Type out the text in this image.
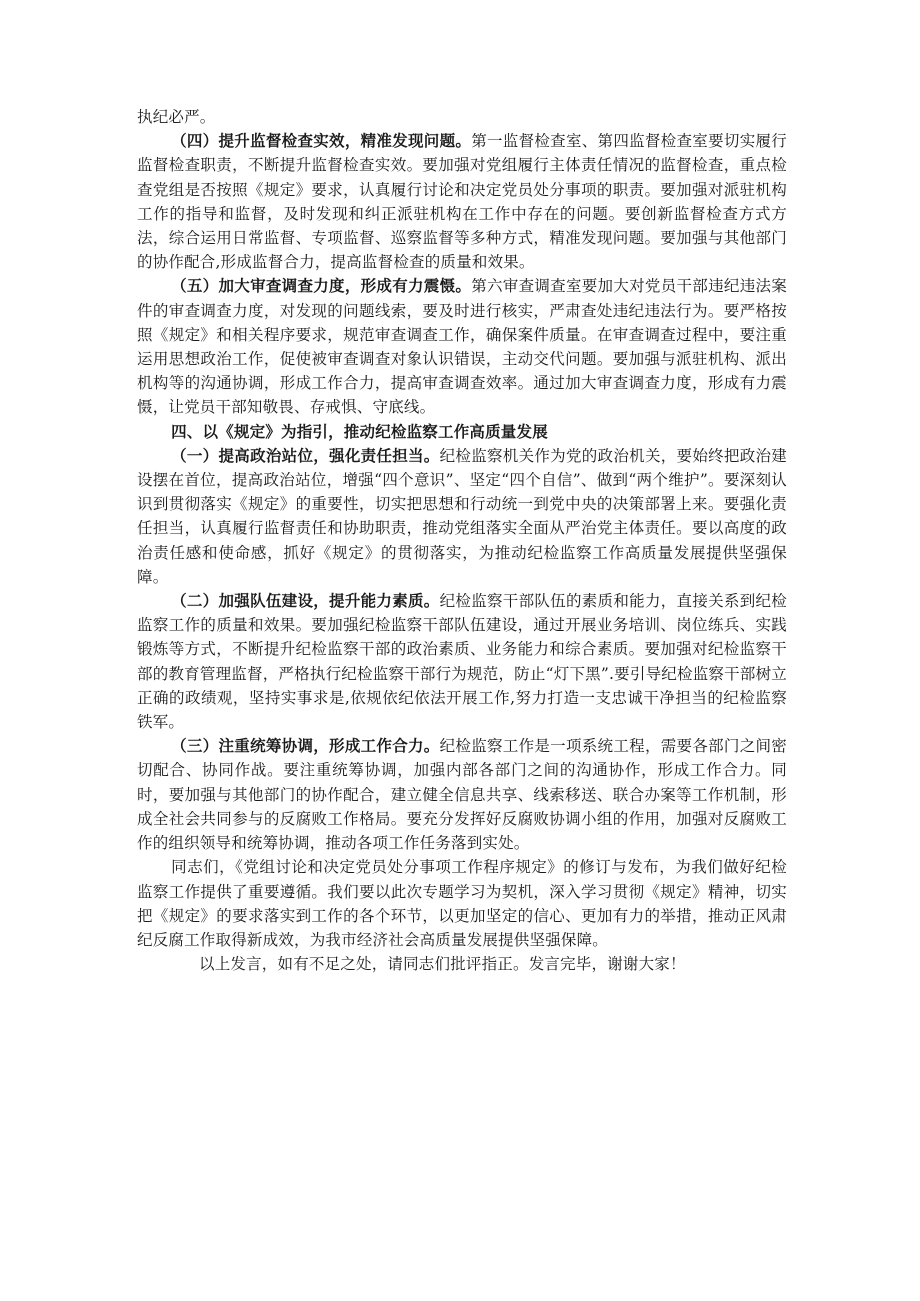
执纪必严。

（四）提升监督检查实效，精准发现问题。第一监督检查室、第四监督检查室要切实履行监督检查职责，不断提升监督检查实效。要加强对党组履行主体责任情况的监督检查，重点检查党组是否按照《规定》要求，认真履行讨论和决定党员处分事项的职责。要加强对派驻机构工作的指导和监督，及时发现和纠正派驻机构在工作中存在的问题。要创新监督检查方式方法，综合运用日常监督、专项监督、巡察监督等多种方式，精准发现问题。要加强与其他部门的协作配合,形成监督合力，提高监督检查的质量和效果。

（五）加大审查调查力度，形成有力震慑。第六审查调查室要加大对党员干部违纪违法案件的审查调查力度，对发现的问题线索，要及时进行核实，严肃查处违纪违法行为。要严格按照《规定》和相关程序要求，规范审查调查工作，确保案件质量。在审查调查过程中，要注重运用思想政治工作，促使被审查调查对象认识错误，主动交代问题。要加强与派驻机构、派出机构等的沟通协调，形成工作合力，提高审查调查效率。通过加大审查调查力度，形成有力震慑，让党员干部知敬畏、存戒惧、守底线。

四、以《规定》为指引，推动纪检监察工作高质量发展

（一）提高政治站位，强化责任担当。纪检监察机关作为党的政治机关，要始终把政治建设摆在首位，提高政治站位，增强“四个意识”、坚定“四个自信”、做到“两个维护”。要深刻认识到贯彻落实《规定》的重要性，切实把思想和行动统一到党中央的决策部署上来。要强化责任担当，认真履行监督责任和协助职责，推动党组落实全面从严治党主体责任。要以高度的政治责任感和使命感，抓好《规定》的贯彻落实，为推动纪检监察工作高质量发展提供坚强保障。

（二）加强队伍建设，提升能力素质。纪检监察干部队伍的素质和能力，直接关系到纪检监察工作的质量和效果。要加强纪检监察干部队伍建设，通过开展业务培训、岗位练兵、实践锻炼等方式，不断提升纪检监察干部的政治素质、业务能力和综合素质。要加强对纪检监察干部的教育管理监督，严格执行纪检监察干部行为规范，防止“灯下黑”.要引导纪检监察干部树立正确的政绩观，坚持实事求是,依规依纪依法开展工作,努力打造一支忠诚干净担当的纪检监察铁军。

（三）注重统筹协调，形成工作合力。纪检监察工作是一项系统工程，需要各部门之间密切配合、协同作战。要注重统筹协调，加强内部各部门之间的沟通协作，形成工作合力。同时，要加强与其他部门的协作配合，建立健全信息共享、线索移送、联合办案等工作机制，形成全社会共同参与的反腐败工作格局。要充分发挥好反腐败协调小组的作用，加强对反腐败工作的组织领导和统筹协调，推动各项工作任务落到实处。

同志们，《党组讨论和决定党员处分事项工作程序规定》的修订与发布，为我们做好纪检监察工作提供了重要遵循。我们要以此次专题学习为契机，深入学习贯彻《规定》精神，切实把《规定》的要求落实到工作的各个环节，以更加坚定的信心、更加有力的举措，推动正风肃纪反腐工作取得新成效，为我市经济社会高质量发展提供坚强保障。

以上发言，如有不足之处，请同志们批评指正。发言完毕，谢谢大家！
